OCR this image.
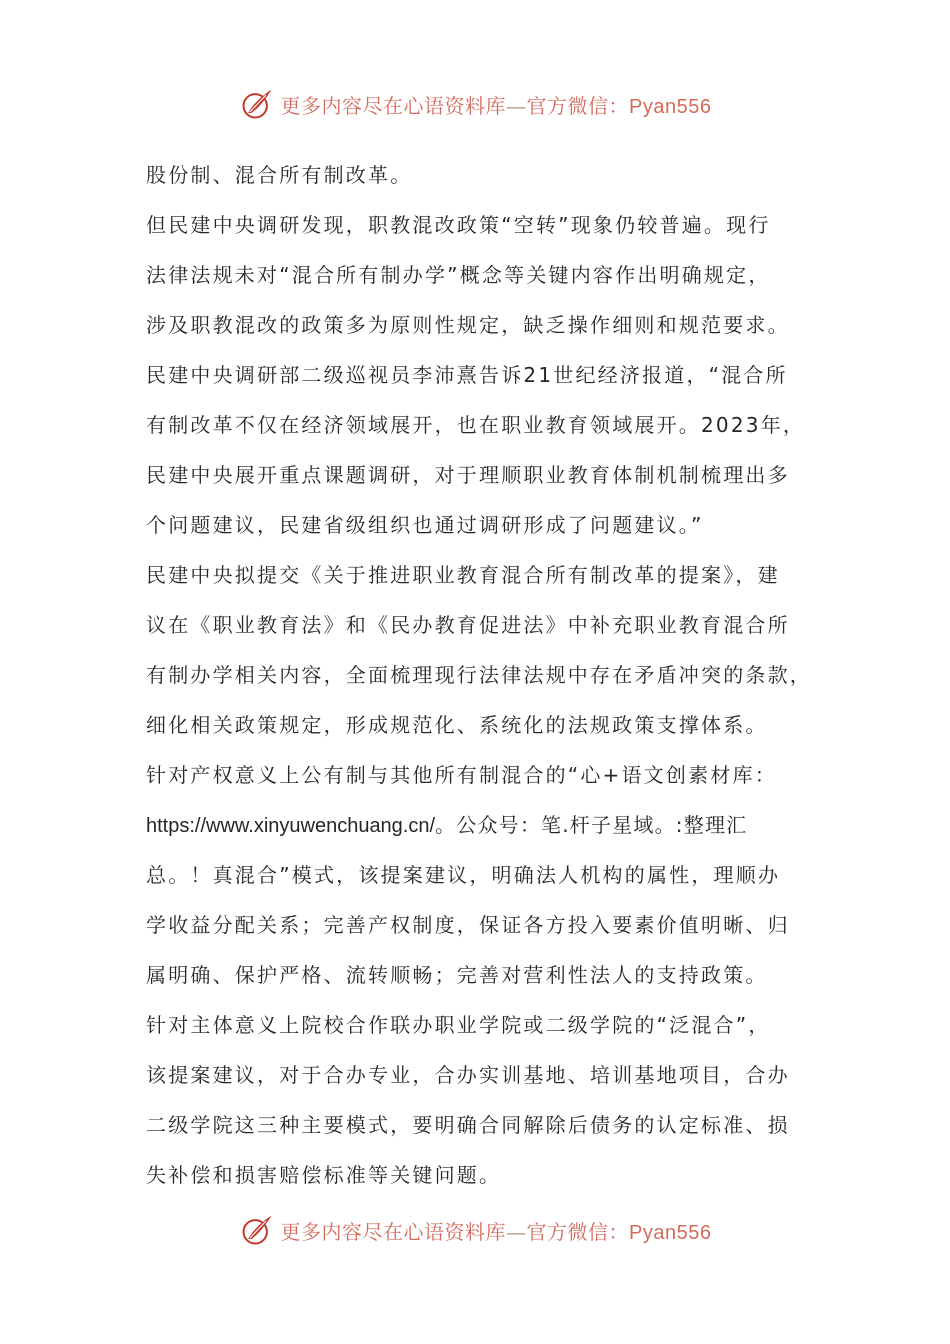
更多内容尽在心语资料库—官方微信：Pyan556
股份制、混合所有制改革。
但民建中央调研发现，职教混改政策“空转”现象仍较普遍。现行
法律法规未对“混合所有制办学”概念等关键内容作出明确规定，
涉及职教混改的政策多为原则性规定，缺乏操作细则和规范要求。
民建中央调研部二级巡视员李沛熹告诉21世纪经济报道，“混合所
有制改革不仅在经济领域展开，也在职业教育领域展开。2023年，
民建中央展开重点课题调研，对于理顺职业教育体制机制梳理出多
个问题建议，民建省级组织也通过调研形成了问题建议。”
民建中央拟提交《关于推进职业教育混合所有制改革的提案》，建
议在《职业教育法》和《民办教育促进法》中补充职业教育混合所
有制办学相关内容，全面梳理现行法律法规中存在矛盾冲突的条款，
细化相关政策规定，形成规范化、系统化的法规政策支撑体系。
针对产权意义上公有制与其他所有制混合的“心+语文创素材库：
https://www.xinyuwenchuang.cn/。公众号：笔.杆子星域。:整理汇
总。！真混合”模式，该提案建议，明确法人机构的属性，理顺办
学收益分配关系；完善产权制度，保证各方投入要素价值明晰、归
属明确、保护严格、流转顺畅；完善对营利性法人的支持政策。
针对主体意义上院校合作联办职业学院或二级学院的“泛混合”，
该提案建议，对于合办专业，合办实训基地、培训基地项目，合办
二级学院这三种主要模式，要明确合同解除后债务的认定标准、损
失补偿和损害赔偿标准等关键问题。
更多内容尽在心语资料库—官方微信：Pyan556
